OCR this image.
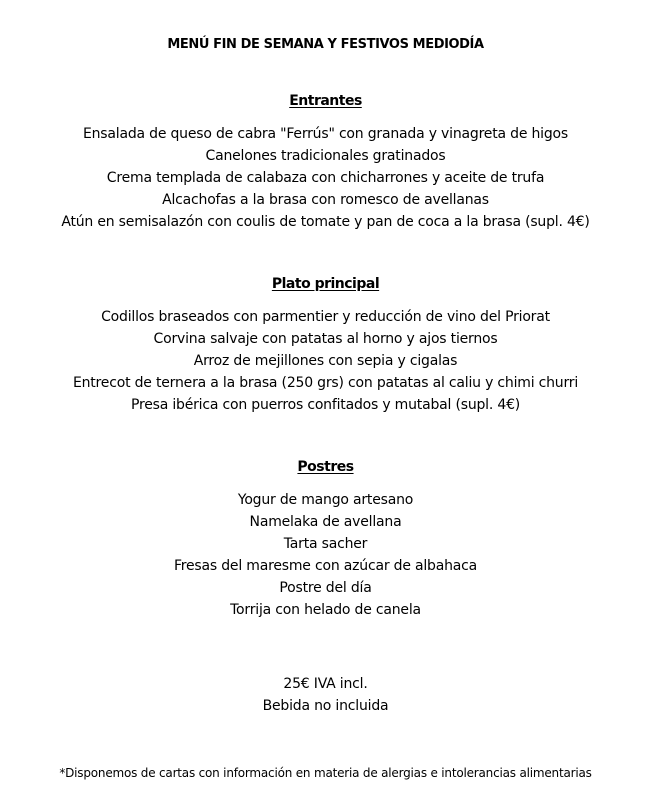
MENÚ FIN DE SEMANA Y FESTIVOS MEDIODÍA
Entrantes
Ensalada de queso de cabra "Ferrús" con granada y vinagreta de higos
Canelones tradicionales gratinados
Crema templada de calabaza con chicharrones y aceite de trufa
Alcachofas a la brasa con romesco de avellanas
Atún en semisalazón con coulis de tomate y pan de coca a la brasa (supl. 4€)
Plato principal
Codillos braseados con parmentier y reducción de vino del Priorat
Corvina salvaje con patatas al horno y ajos tiernos
Arroz de mejillones con sepia y cigalas
Entrecot de ternera a la brasa (250 grs) con patatas al caliu y chimi churri
Presa ibérica con puerros confitados y mutabal (supl. 4€)
Postres
Yogur de mango artesano
Namelaka de avellana
Tarta sacher
Fresas del maresme con azúcar de albahaca
Postre del día
Torrija con helado de canela
25€ IVA incl.
Bebida no incluida
*Disponemos de cartas con información en materia de alergias e intolerancias alimentarias
